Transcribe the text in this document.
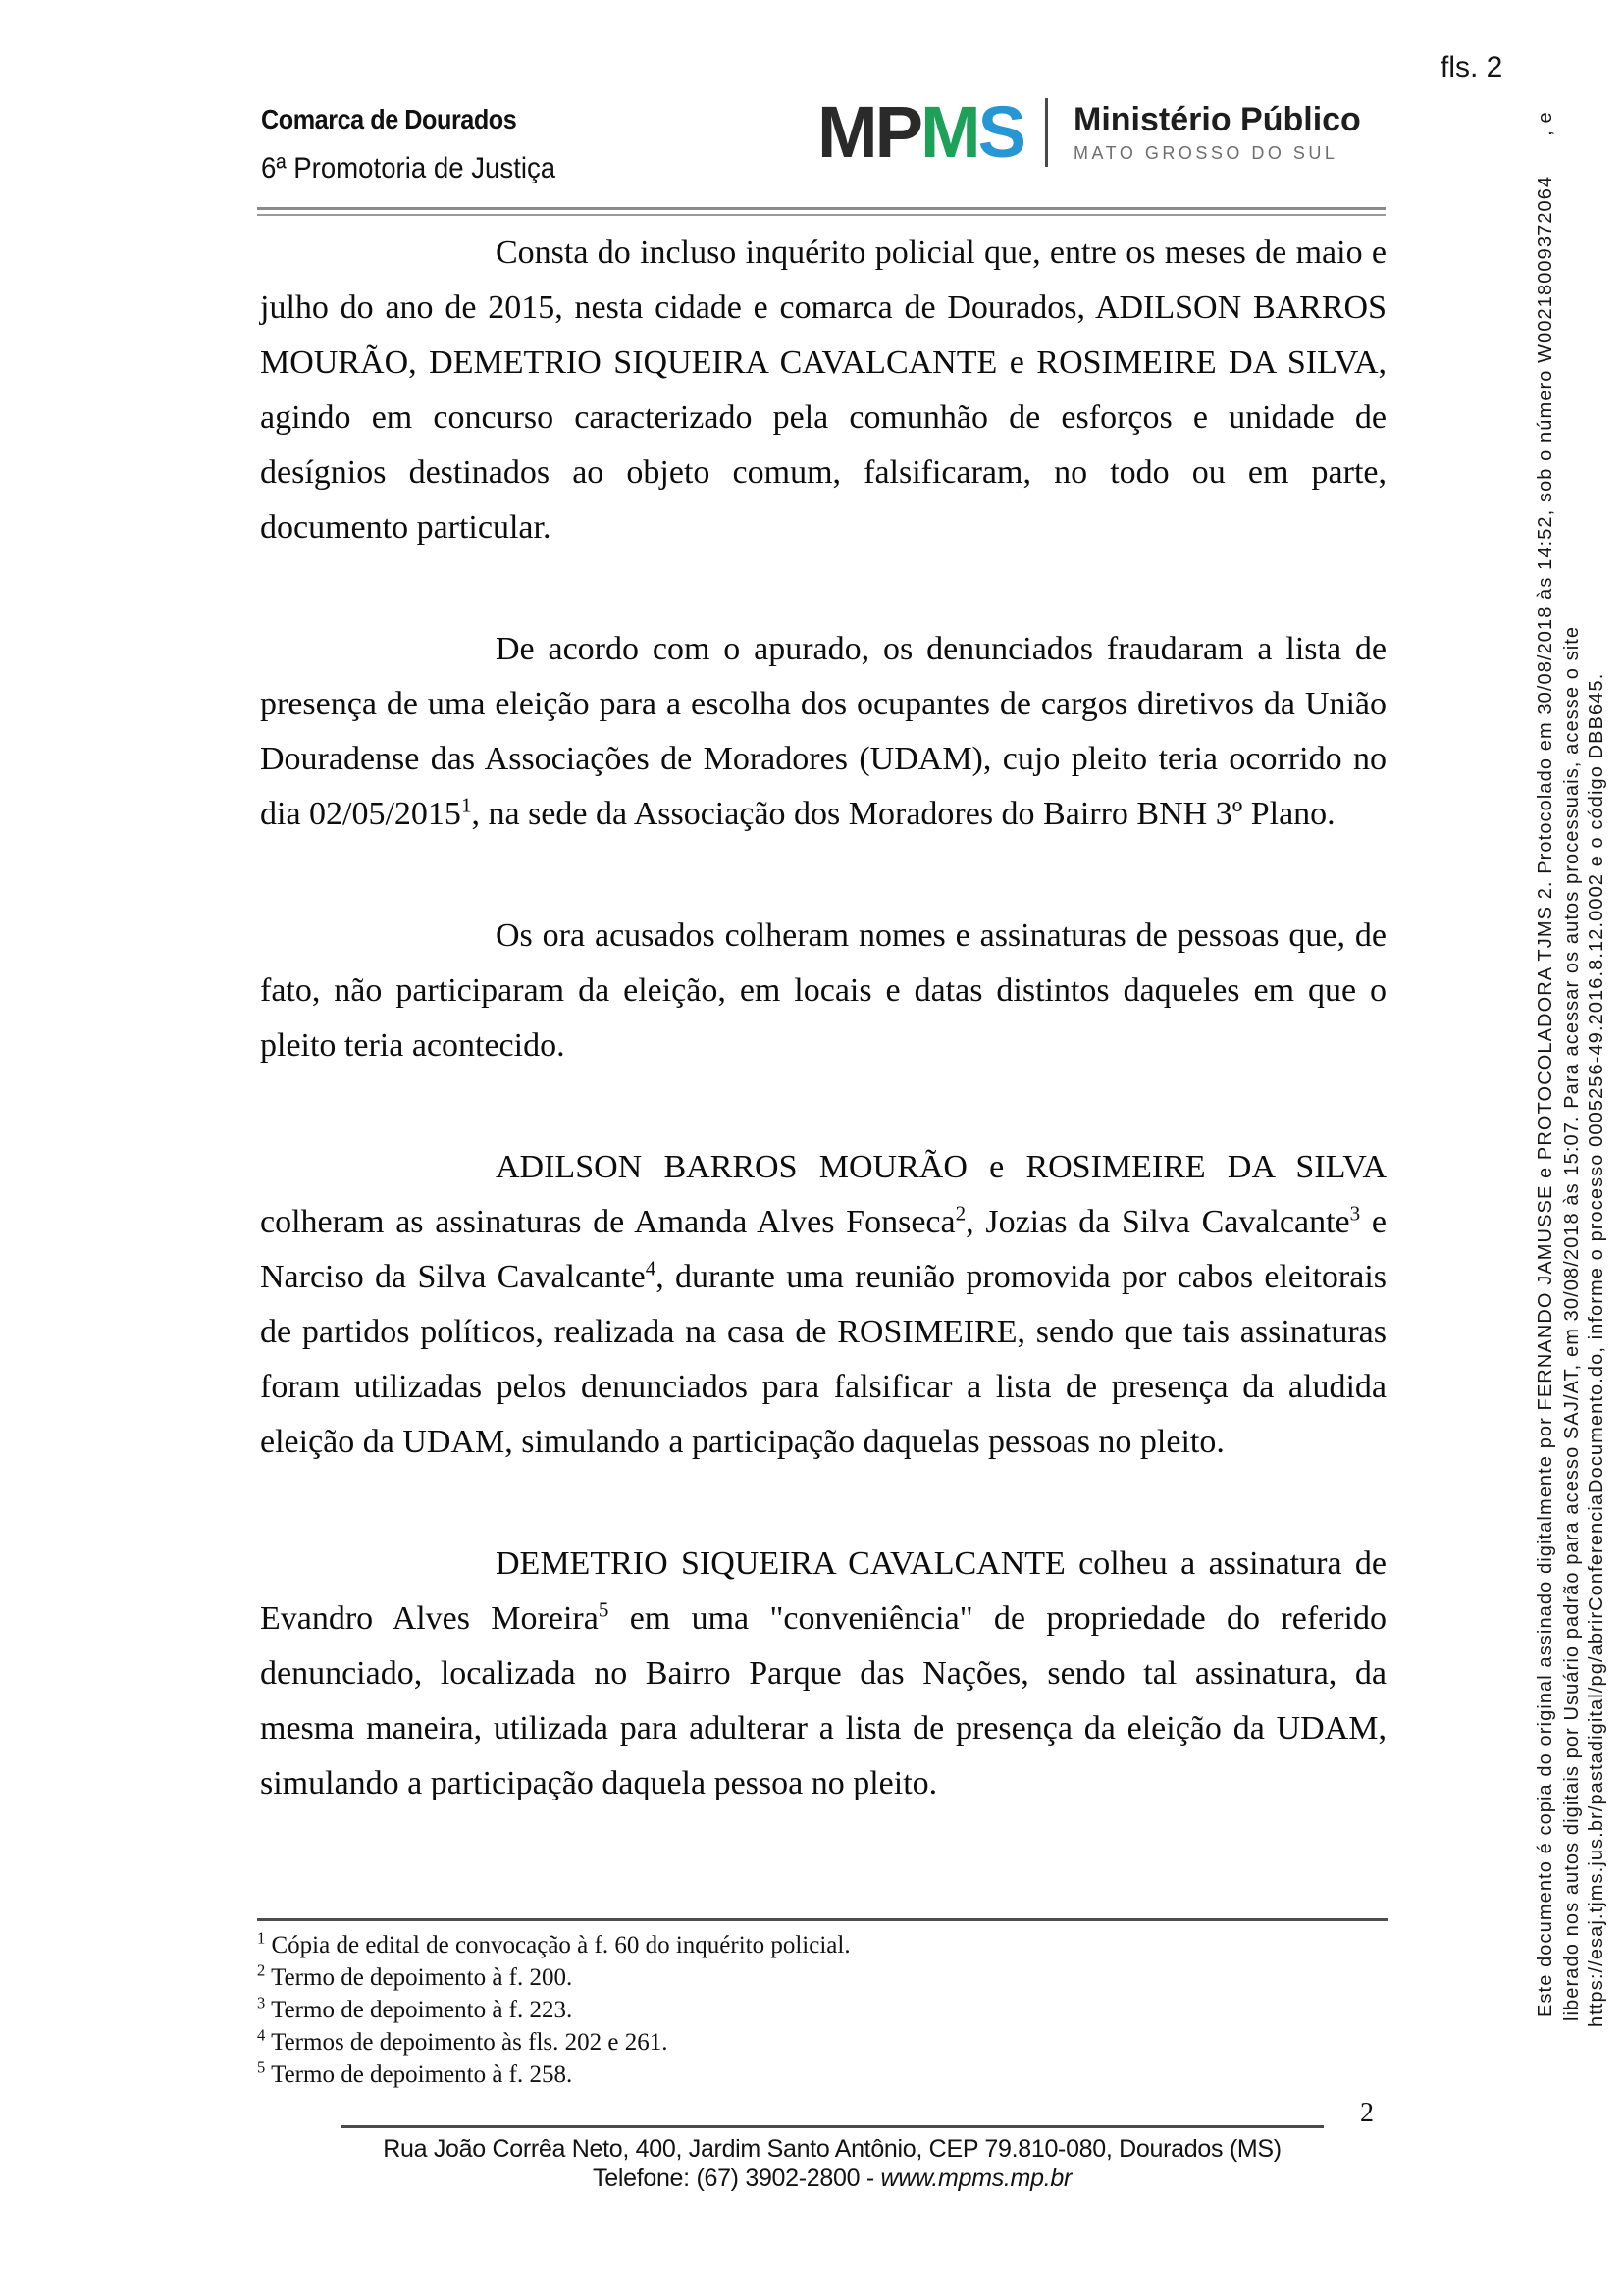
fls. 2
Comarca de Dourados
6ª Promotoria de Justiça	MPMS Ministério Público
MATO GROSSO DO SUL

Consta do incluso inquérito policial que, entre os meses de maio e julho do ano de 2015, nesta cidade e comarca de Dourados, ADILSON BARROS MOURÃO, DEMETRIO SIQUEIRA CAVALCANTE e ROSIMEIRE DA SILVA, agindo em concurso caracterizado pela comunhão de esforços e unidade de desígnios destinados ao objeto comum, falsificaram, no todo ou em parte, documento particular.

De acordo com o apurado, os denunciados fraudaram a lista de presença de uma eleição para a escolha dos ocupantes de cargos diretivos da União Douradense das Associações de Moradores (UDAM), cujo pleito teria ocorrido no dia 02/05/2015$^1$, na sede da Associação dos Moradores do Bairro BNH 3º Plano.

Os ora acusados colheram nomes e assinaturas de pessoas que, de fato, não participaram da eleição, em locais e datas distintos daqueles em que o pleito teria acontecido.

ADILSON BARROS MOURÃO e ROSIMEIRE DA SILVA colheram as assinaturas de Amanda Alves Fonseca$^2$, Jozias da Silva Cavalcante$^3$ e Narciso da Silva Cavalcante$^4$, durante uma reunião promovida por cabos eleitorais de partidos políticos, realizada na casa de ROSIMEIRE, sendo que tais assinaturas foram utilizadas pelos denunciados para falsificar a lista de presença da aludida eleição da UDAM, simulando a participação daquelas pessoas no pleito.

DEMETRIO SIQUEIRA CAVALCANTE colheu a assinatura de Evandro Alves Moreira$^5$ em uma "conveniência" de propriedade do referido denunciado, localizada no Bairro Parque das Nações, sendo tal assinatura, da mesma maneira, utilizada para adulterar a lista de presença da eleição da UDAM, simulando a participação daquela pessoa no pleito.

$^1$ Cópia de edital de convocação à f. 60 do inquérito policial.
$^2$ Termo de depoimento à f. 200.
$^3$ Termo de depoimento à f. 223.
$^4$ Termos de depoimento às fls. 202 e 261.
$^5$ Termo de depoimento à f. 258.
2
Rua João Corrêa Neto, 400, Jardim Santo Antônio, CEP 79.810-080, Dourados (MS)
Telefone: (67) 3902-2800 - www.mpms.mp.br
Este documento é copia do original assinado digitalmente por FERNANDO JAMUSSE e PROTOCOLADORA TJMS 2. Protocolado em 30/08/2018 às 14:52, sob o número W00218009372064      , e liberado nos autos digitais por Usuário padrão para acesso SAJ/AT, em 30/08/2018 às 15:07. Para acessar os autos processuais, acesse o site https://esaj.tjms.jus.br/pastadigital/pg/abrirConferenciaDocumento.do, informe o processo 0005256-49.2016.8.12.0002 e o código DBB645.
